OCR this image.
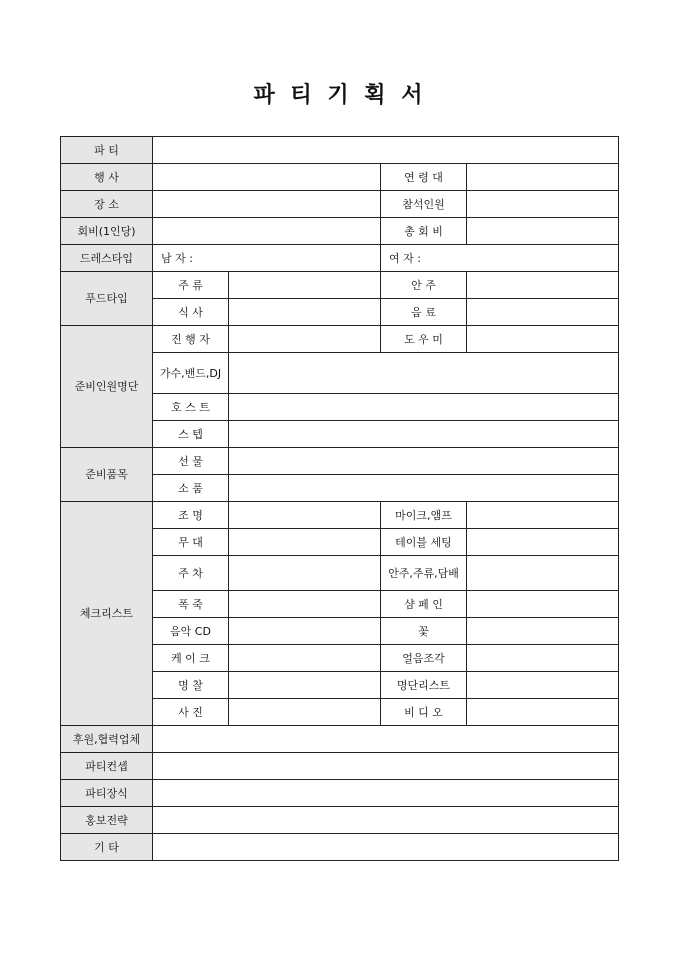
파 티 기 획 서
파 티				
행 사			연 령 대	
장 소			참석인원	
회비(1인당)			총 회 비	
드레스타입	남 자 :		여 자 :	
푸드타입	주 류		안 주	
	식 사		음 료	
준비인원명단	진 행 자		도 우 미	
	가수,밴드,DJ			
	호 스 트			
	스 텝			
준비품목	선 물			
	소 품			
체크리스트	조 명		마이크,앰프	
	무 대		테이블 세팅	
	주 차		안주,주류,담배	
	폭 죽		샴 페 인	
	음악 CD		꽃	
	케 이 크		얼음조각	
	명 찰		명단리스트	
	사 진		비 디 오	
후원,협력업체				
파티컨셉				
파티장식				
홍보전략				
기 타				
